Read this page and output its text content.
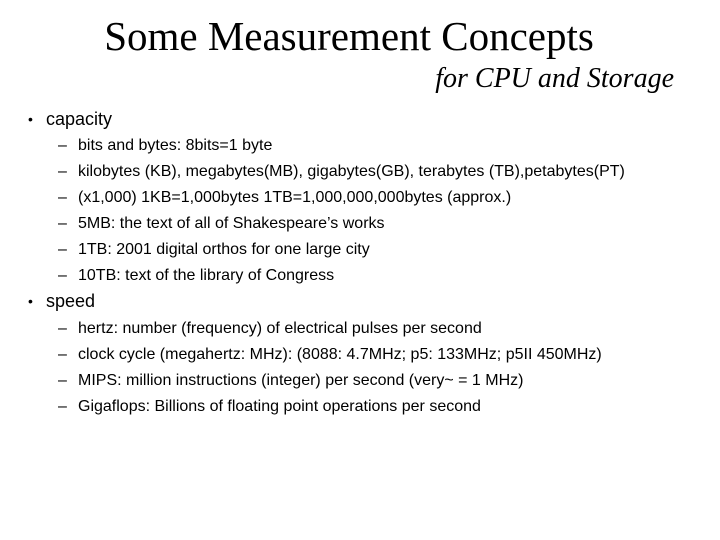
Some Measurement Concepts
for CPU and Storage
• capacity
– bits and bytes: 8bits=1 byte
– kilobytes (KB), megabytes(MB), gigabytes(GB), terabytes (TB),petabytes(PT)
– (x1,000) 1KB=1,000bytes 1TB=1,000,000,000bytes (approx.)
– 5MB: the text of all of Shakespeare’s works
– 1TB: 2001 digital orthos for one large city
– 10TB: text of the library of Congress
• speed
– hertz: number (frequency) of electrical pulses per second
– clock cycle (megahertz: MHz): (8088: 4.7MHz; p5: 133MHz; p5II 450MHz)
– MIPS: million instructions (integer) per second (very~ = 1 MHz)
– Gigaflops: Billions of floating point operations per second
